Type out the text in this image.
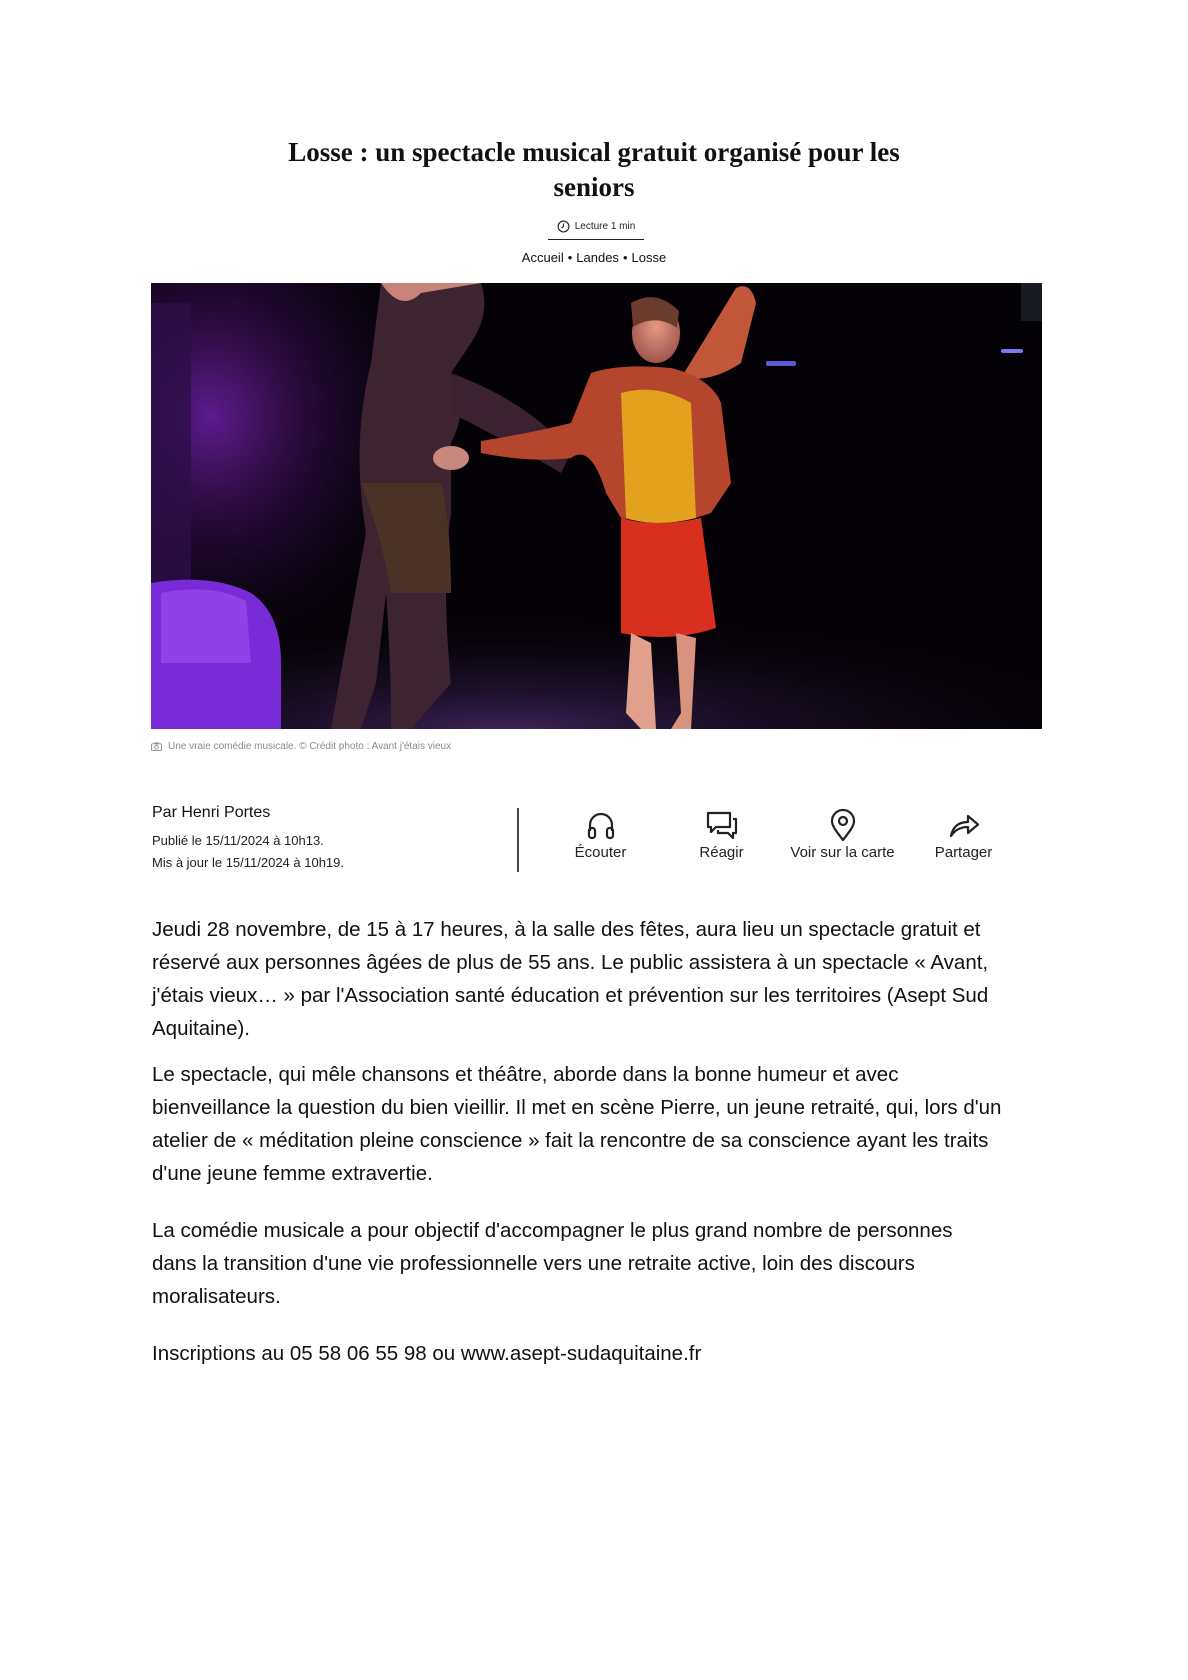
Losse : un spectacle musical gratuit organisé pour les seniors
Lecture 1 min
Accueil • Landes • Losse
Une vraie comédie musicale. © Crédit photo : Avant j'étais vieux
Par Henri Portes
Publié le 15/11/2024 à 10h13.
Mis à jour le 15/11/2024 à 10h19.
Écouter	Réagir	Voir sur la carte	Partager

Jeudi 28 novembre, de 15 à 17 heures, à la salle des fêtes, aura lieu un spectacle gratuit et réservé aux personnes âgées de plus de 55 ans. Le public assistera à un spectacle « Avant, j'étais vieux… » par l'Association santé éducation et prévention sur les territoires (Asept Sud Aquitaine).

Le spectacle, qui mêle chansons et théâtre, aborde dans la bonne humeur et avec bienveillance la question du bien vieillir. Il met en scène Pierre, un jeune retraité, qui, lors d'un atelier de « méditation pleine conscience » fait la rencontre de sa conscience ayant les traits d'une jeune femme extravertie.

La comédie musicale a pour objectif d'accompagner le plus grand nombre de personnes dans la transition d'une vie professionnelle vers une retraite active, loin des discours moralisateurs.

Inscriptions au 05 58 06 55 98 ou www.asept-sudaquitaine.fr
